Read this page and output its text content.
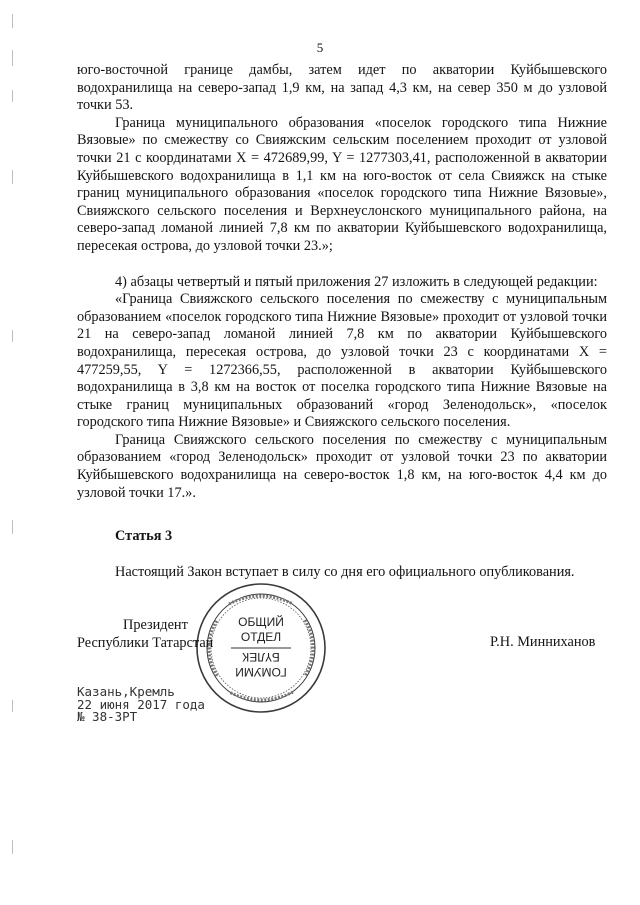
5

юго-восточной границе дамбы, затем идет по акватории Куйбышевского водохранилища на северо-запад 1,9 км, на запад 4,3 км, на север 350 м до узловой точки 53.

Граница муниципального образования «поселок городского типа Нижние Вязовые» по смежеству со Свияжским сельским поселением проходит от узловой точки 21 с координатами X = 472689,99, Y = 1277303,41, расположенной в акватории Куйбышевского водохранилища в 1,1 км на юго-восток от села Свияжск на стыке границ муниципального образования «поселок городского типа Нижние Вязовые», Свияжского сельского поселения и Верхнеуслонского муниципального района, на северо-запад ломаной линией 7,8 км по акватории Куйбышевского водохранилища, пересекая острова, до узловой точки 23.»;

4) абзацы четвертый и пятый приложения 27 изложить в следующей редакции:

«Граница Свияжского сельского поселения по смежеству с муниципальным образованием «поселок городского типа Нижние Вязовые» проходит от узловой точки 21 на северо-запад ломаной линией 7,8 км по акватории Куйбышевского водохранилища, пересекая острова, до узловой точки 23 с координатами X = 477259,55, Y = 1272366,55, расположенной в акватории Куйбышевского водохранилища в 3,8 км на восток от поселка городского типа Нижние Вязовые на стыке границ муниципальных образований «город Зеленодольск», «поселок городского типа Нижние Вязовые» и Свияжского сельского поселения.

Граница Свияжского сельского поселения по смежеству с муниципальным образованием «город Зеленодольск» проходит от узловой точки 23 по акватории Куйбышевского водохранилища на северо-восток 1,8 км, на юго-восток 4,4 км до узловой точки 17.».

Статья 3

Настоящий Закон вступает в силу со дня его официального опубликования.

ОБЩИЙ
ОТДЕЛ
БҮЛЕК
ГОМУМИ
Президент
Республики Татарстан	Р.Н. Минниханов
Казань,Кремль
22 июня 2017 года
№ 38-ЗРТ
